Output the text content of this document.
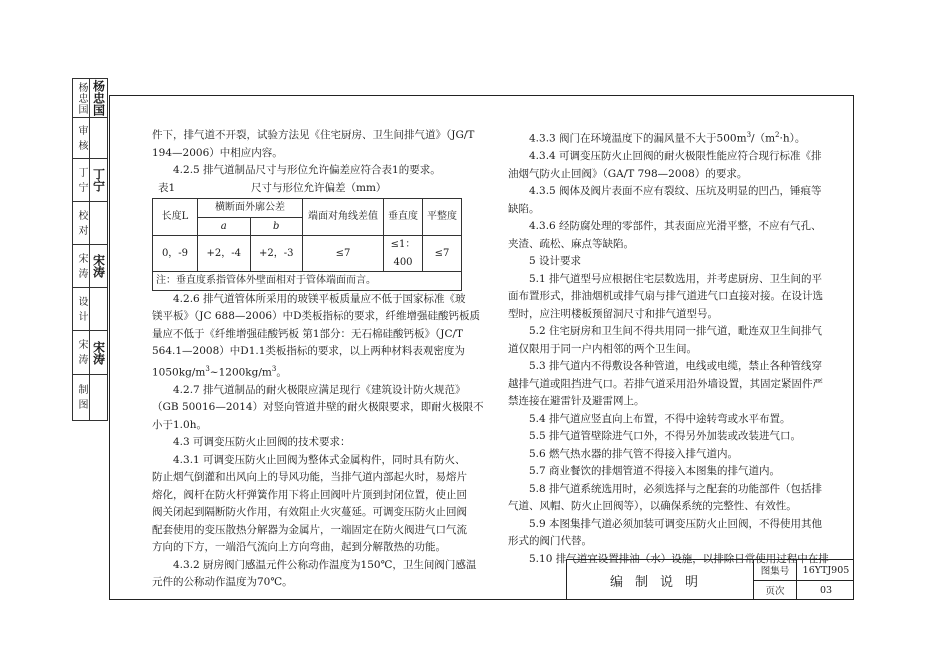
杨忠国 杨忠国
审 核
丁 宁 丁宁
校 对
宋 涛 宋涛
设 计
宋 涛 宋涛
制 图

件下，排气道不开裂，试验方法见《住宅厨房、卫生间排气道》（JG/T

194—2006）中相应内容。

4.2.5 排气道制品尺寸与形位允许偏差应符合表1的要求。

表1	尺寸与形位允许偏差（mm）
长度L	横断面外廓公差		端面对角线差值	垂直度	平整度
	a	b			
0，-9	+2，-4	+2，-3	≤7	≤1：400	≤7
注：垂直度系指管体外壁面相对于管体端面而言。					

4.2.6 排气道管体所采用的玻镁平板质量应不低于国家标准《玻

镁平板》（JC 688—2006）中D类板指标的要求，纤维增强硅酸钙板质

量应不低于《纤维增强硅酸钙板 第1部分：无石棉硅酸钙板》（JC/T

564.1—2008）中D1.1类板指标的要求，以上两种材料表观密度为

$1050kg/m^3\sim 1200kg/m^3$。

4.2.7 排气道制品的耐火极限应满足现行《建筑设计防火规范》

（GB 50016—2014）对竖向管道井壁的耐火极限要求，即耐火极限不

小于1.0h。

4.3 可调变压防火止回阀的技术要求：

4.3.1 可调变压防火止回阀为整体式金属构件，同时具有防火、

防止烟气倒灌和出风向上的导风功能，当排气道内部起火时，易熔片

熔化，阀杆在防火杆弹簧作用下将止回阀叶片顶到封闭位置，使止回

阀关闭起到隔断防火作用，有效阻止火灾蔓延。可调变压防火止回阀

配套使用的变压散热分解器为金属片，一端固定在防火阀进气口气流

方向的下方，一端沿气流向上方向弯曲，起到分解散热的功能。

4.3.2 厨房阀门感温元件公称动作温度为150℃，卫生间阀门感温

元件的公称动作温度为70℃。

4.3.3 阀门在环境温度下的漏风量不大于$500m^3/(m^2\cdot h)$。

4.3.4 可调变压防火止回阀的耐火极限性能应符合现行标准《排

油烟气防火止回阀》（GA/T 798—2008）的要求。

4.3.5 阀体及阀片表面不应有裂纹、压坑及明显的凹凸，锤痕等

缺陷。

4.3.6 经防腐处理的零部件，其表面应光滑平整，不应有气孔、

夹渣、疏松、麻点等缺陷。

5 设计要求

5.1 排气道型号应根据住宅层数选用，并考虑厨房、卫生间的平

面布置形式，排油烟机或排气扇与排气道进气口直接对接。在设计选

型时，应注明楼板预留洞尺寸和排气道型号。

5.2 住宅厨房和卫生间不得共用同一排气道，毗连双卫生间排气

道仅限用于同一户内相邻的两个卫生间。

5.3 排气道内不得敷设各种管道，电线或电缆，禁止各种管线穿

越排气道或阻挡进气口。若排气道采用沿外墙设置，其固定紧固件严

禁连接在避雷针及避雷网上。

5.4 排气道应竖直向上布置，不得中途转弯或水平布置。

5.5 排气道管壁除进气口外，不得另外加装或改装进气口。

5.6 燃气热水器的排气管不得接入排气道内。

5.7 商业餐饮的排烟管道不得接入本图集的排气道内。

5.8 排气道系统选用时，必须选择与之配套的功能部件（包括排

气道、风帽、防火止回阀等），以确保系统的完整性、有效性。

5.9 本图集排气道必须加装可调变压防火止回阀，不得使用其他

形式的阀门代替。

5.10 排气道宜设置排油（水）设施，以排除日常使用过程中在排

编制说明
图集号	16YTJ905
页次	03
